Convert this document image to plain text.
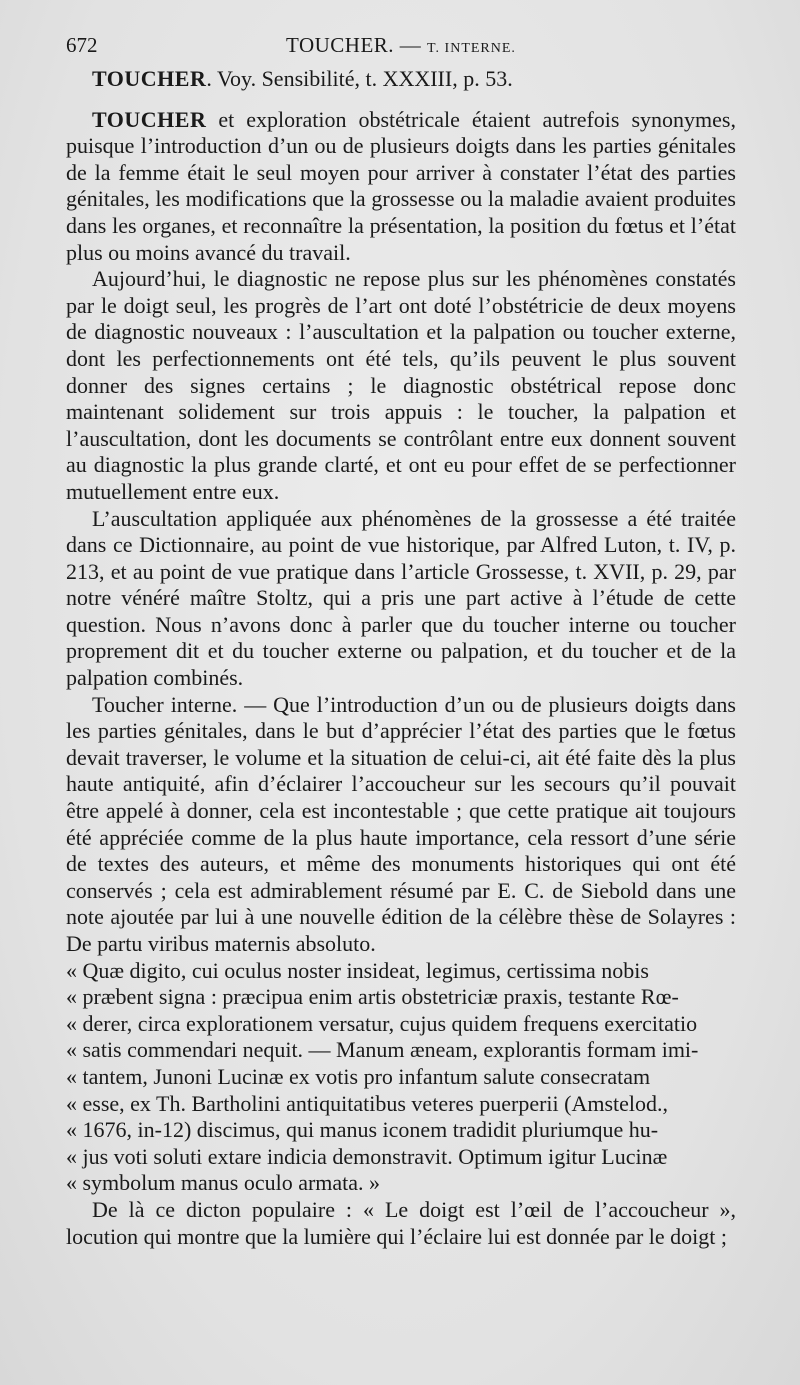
672	TOUCHER. — T. INTERNE.

TOUCHER. Voy. Sensibilité, t. XXXIII, p. 53.

TOUCHER et exploration obstétricale étaient autrefois synonymes, puisque l’introduction d’un ou de plusieurs doigts dans les parties génitales de la femme était le seul moyen pour arriver à constater l’état des parties génitales, les modifications que la grossesse ou la maladie avaient produites dans les organes, et reconnaître la présentation, la position du fœtus et l’état plus ou moins avancé du travail.

Aujourd’hui, le diagnostic ne repose plus sur les phénomènes constatés par le doigt seul, les progrès de l’art ont doté l’obstétricie de deux moyens de diagnostic nouveaux : l’auscultation et la palpation ou toucher externe, dont les perfectionnements ont été tels, qu’ils peuvent le plus souvent donner des signes certains ; le diagnostic obstétrical repose donc maintenant solidement sur trois appuis : le toucher, la palpation et l’auscultation, dont les documents se contrôlant entre eux donnent souvent au diagnostic la plus grande clarté, et ont eu pour effet de se perfectionner mutuellement entre eux.

L’auscultation appliquée aux phénomènes de la grossesse a été traitée dans ce Dictionnaire, au point de vue historique, par Alfred Luton, t. IV, p. 213, et au point de vue pratique dans l’article Grossesse, t. XVII, p. 29, par notre vénéré maître Stoltz, qui a pris une part active à l’étude de cette question. Nous n’avons donc à parler que du toucher interne ou toucher proprement dit et du toucher externe ou palpation, et du toucher et de la palpation combinés.

Toucher interne. — Que l’introduction d’un ou de plusieurs doigts dans les parties génitales, dans le but d’apprécier l’état des parties que le fœtus devait traverser, le volume et la situation de celui-ci, ait été faite dès la plus haute antiquité, afin d’éclairer l’accoucheur sur les secours qu’il pouvait être appelé à donner, cela est incontestable ; que cette pratique ait toujours été appréciée comme de la plus haute importance, cela ressort d’une série de textes des auteurs, et même des monuments historiques qui ont été conservés ; cela est admirablement résumé par E. C. de Siebold dans une note ajoutée par lui à une nouvelle édition de la célèbre thèse de Solayres : De partu viribus maternis absoluto.

« Quæ digito, cui oculus noster insideat, legimus, certissima nobis

« præbent signa : præcipua enim artis obstetriciæ praxis, testante Rœ-

« derer, circa explorationem versatur, cujus quidem frequens exercitatio

« satis commendari nequit. — Manum æneam, explorantis formam imi-

« tantem, Junoni Lucinæ ex votis pro infantum salute consecratam

« esse, ex Th. Bartholini antiquitatibus veteres puerperii (Amstelod.,

« 1676, in-12) discimus, qui manus iconem tradidit pluriumque hu-

« jus voti soluti extare indicia demonstravit. Optimum igitur Lucinæ

« symbolum manus oculo armata. »

De là ce dicton populaire : « Le doigt est l’œil de l’accoucheur », locution qui montre que la lumière qui l’éclaire lui est donnée par le doigt ;
